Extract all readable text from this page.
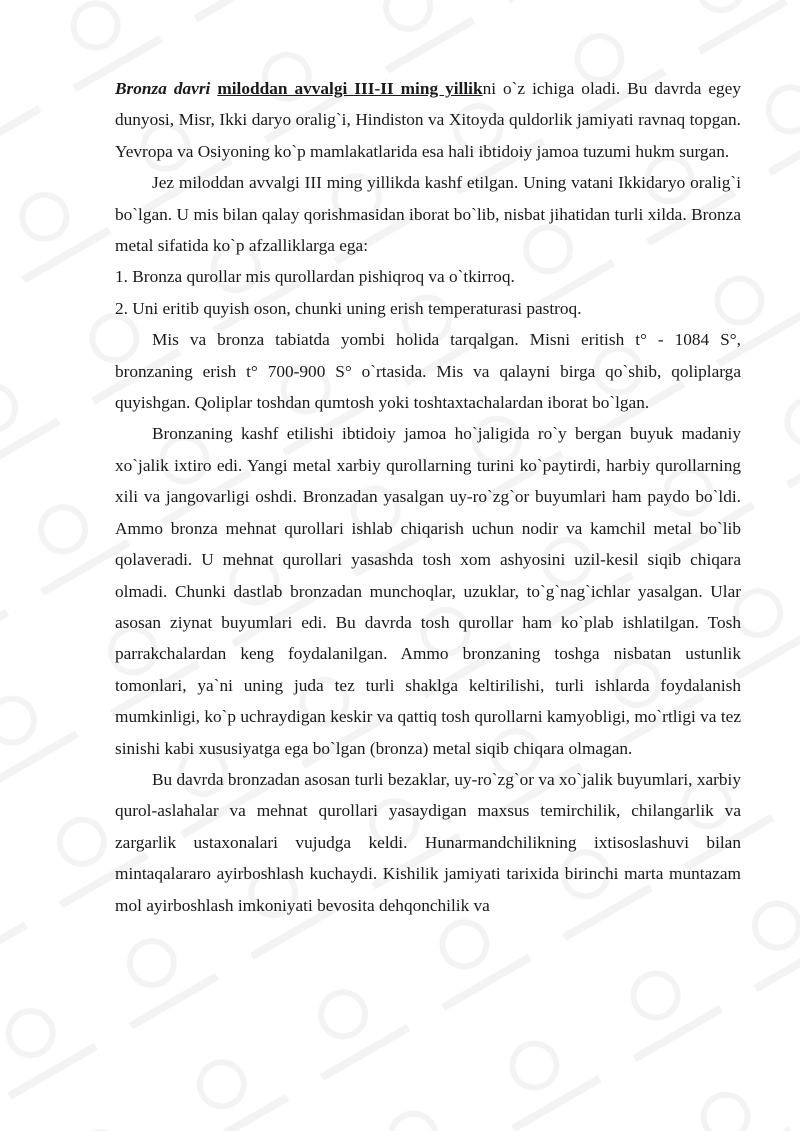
Bronza davri miloddan avvalgi III-II ming yillikni o`z ichiga oladi. Bu davrda egey dunyosi, Misr, Ikki daryo oralig`i, Hindiston va Xitoyda quldorlik jamiyati ravnaq topgan. Yevropa va Osiyoning ko`p mamlakatlarida esa hali ibtidoiy jamoa tuzumi hukm surgan.

Jez miloddan avvalgi III ming yillikda kashf etilgan. Uning vatani Ikkidaryo oralig`i bo`lgan. U mis bilan qalay qorishmasidan iborat bo`lib, nisbat jihatidan turli xilda. Bronza metal sifatida ko`p afzalliklarga ega:

1. Bronza qurollar mis qurollardan pishiqroq va o`tkirroq.

2. Uni eritib quyish oson, chunki uning erish temperaturasi pastroq.

Mis va bronza tabiatda yombi holida tarqalgan. Misni eritish t° - 1084 S°, bronzaning erish t° 700-900 S° o`rtasida. Mis va qalayni birga qo`shib, qoliplarga quyishgan. Qoliplar toshdan qumtosh yoki toshtaxtachalardan iborat bo`lgan.

Bronzaning kashf etilishi ibtidoiy jamoa ho`jaligida ro`y bergan buyuk madaniy xo`jalik ixtiro edi. Yangi metal xarbiy qurollarning turini ko`paytirdi, harbiy qurollarning xili va jangovarligi oshdi. Bronzadan yasalgan uy-ro`zg`or buyumlari ham paydo bo`ldi. Ammo bronza mehnat qurollari ishlab chiqarish uchun nodir va kamchil metal bo`lib qolaveradi. U mehnat qurollari yasashda tosh xom ashyosini uzil-kesil siqib chiqara olmadi. Chunki dastlab bronzadan munchoqlar, uzuklar, to`g`nag`ichlar yasalgan. Ular asosan ziynat buyumlari edi. Bu davrda tosh qurollar ham ko`plab ishlatilgan. Tosh parrakchalardan keng foydalanilgan. Ammo bronzaning toshga nisbatan ustunlik tomonlari, ya`ni uning juda tez turli shaklga keltirilishi, turli ishlarda foydalanish mumkinligi, ko`p uchraydigan keskir va qattiq tosh qurollarni kamyobligi, mo`rtligi va tez sinishi kabi xususiyatga ega bo`lgan (bronza) metal siqib chiqara olmagan.

Bu davrda bronzadan asosan turli bezaklar, uy-ro`zg`or va xo`jalik buyumlari, xarbiy qurol-aslahalar va mehnat qurollari yasaydigan maxsus temirchilik, chilangarlik va zargarlik ustaxonalari vujudga keldi. Hunarmandchilikning ixtisoslashuvi bilan mintaqalararo ayirboshlash kuchaydi. Kishilik jamiyati tarixida birinchi marta muntazam mol ayirboshlash imkoniyati bevosita dehqonchilik va
